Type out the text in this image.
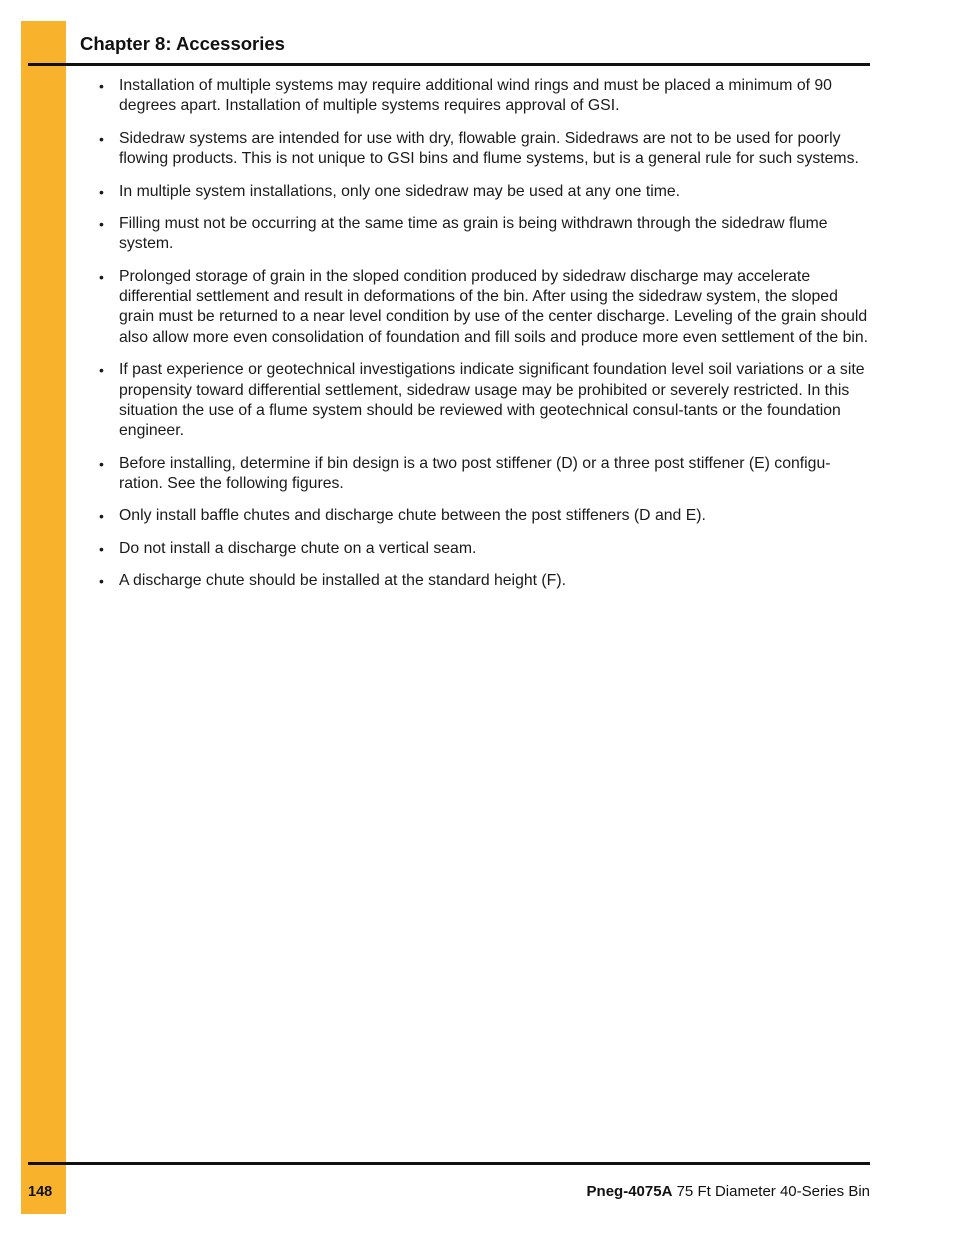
Chapter 8: Accessories
• Installation of multiple systems may require additional wind rings and must be placed a minimum of 90 degrees apart. Installation of multiple systems requires approval of GSI.
• Sidedraw systems are intended for use with dry, flowable grain. Sidedraws are not to be used for poorly flowing products. This is not unique to GSI bins and flume systems, but is a general rule for such systems.
• In multiple system installations, only one sidedraw may be used at any one time.
• Filling must not be occurring at the same time as grain is being withdrawn through the sidedraw flume system.
• Prolonged storage of grain in the sloped condition produced by sidedraw discharge may accelerate differential settlement and result in deformations of the bin. After using the sidedraw system, the sloped grain must be returned to a near level condition by use of the center discharge. Leveling of the grain should also allow more even consolidation of foundation and fill soils and produce more even settlement of the bin.
• If past experience or geotechnical investigations indicate significant foundation level soil variations or a site propensity toward differential settlement, sidedraw usage may be prohibited or severely restricted. In this situation the use of a flume system should be reviewed with geotechnical consul-tants or the foundation engineer.
• Before installing, determine if bin design is a two post stiffener (D) or a three post stiffener (E) configu-ration. See the following figures.
• Only install baffle chutes and discharge chute between the post stiffeners (D and E).
• Do not install a discharge chute on a vertical seam.
• A discharge chute should be installed at the standard height (F).
148	Pneg-4075A 75 Ft Diameter 40-Series Bin
